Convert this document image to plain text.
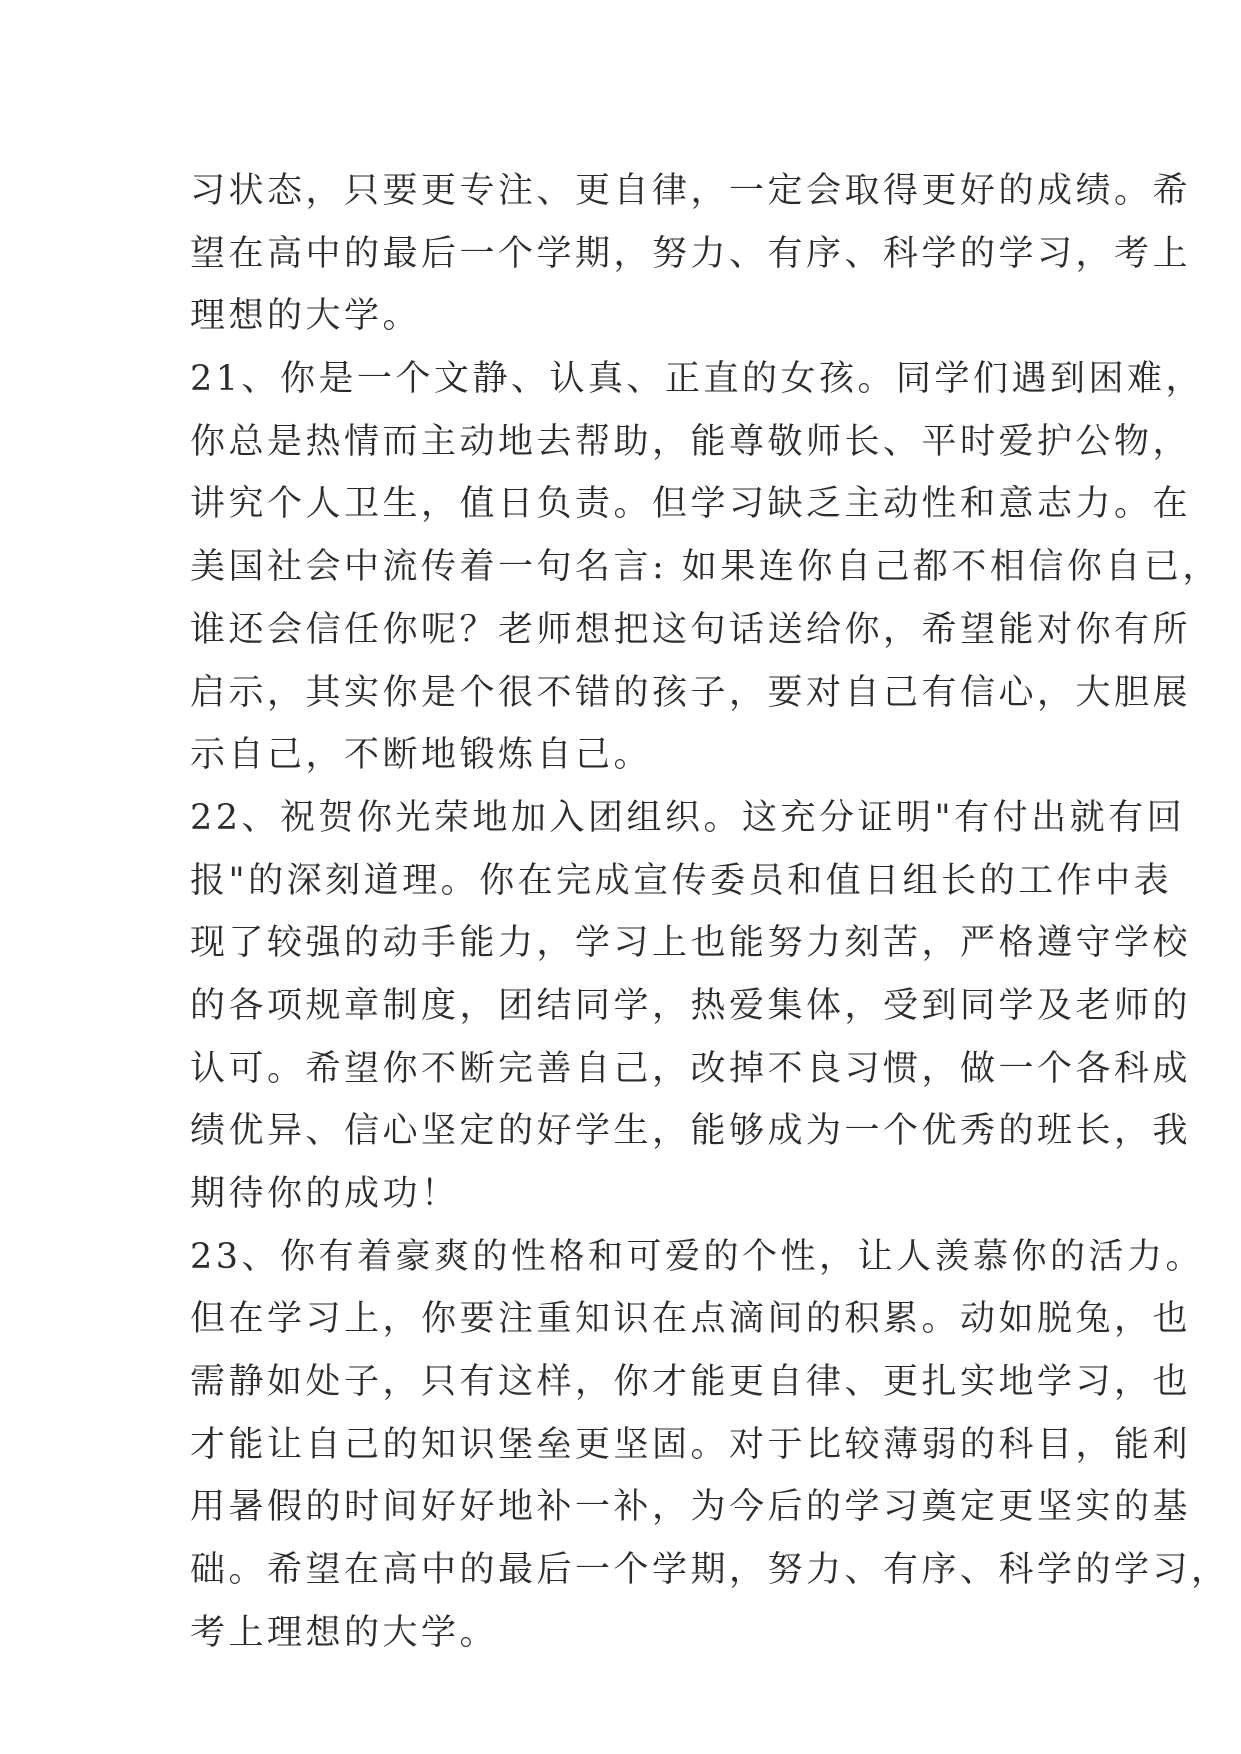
习状态，只要更专注、更自律，一定会取得更好的成绩。希
望在高中的最后一个学期，努力、有序、科学的学习，考上
理想的大学。
21、你是一个文静、认真、正直的女孩。同学们遇到困难，
你总是热情而主动地去帮助，能尊敬师长、平时爱护公物，
讲究个人卫生，值日负责。但学习缺乏主动性和意志力。在
美国社会中流传着一句名言: 如果连你自己都不相信你自已，
谁还会信任你呢？老师想把这句话送给你，希望能对你有所
启示，其实你是个很不错的孩子，要对自己有信心，大胆展
示自己，不断地锻炼自己。
22、祝贺你光荣地加入团组织。这充分证明"有付出就有回
报"的深刻道理。你在完成宣传委员和值日组长的工作中表
现了较强的动手能力，学习上也能努力刻苦，严格遵守学校
的各项规章制度，团结同学，热爱集体，受到同学及老师的
认可。希望你不断完善自己，改掉不良习惯，做一个各科成
绩优异、信心坚定的好学生，能够成为一个优秀的班长，我
期待你的成功！
23、你有着豪爽的性格和可爱的个性，让人羡慕你的活力。
但在学习上，你要注重知识在点滴间的积累。动如脱兔，也
需静如处子，只有这样，你才能更自律、更扎实地学习，也
才能让自己的知识堡垒更坚固。对于比较薄弱的科目，能利
用暑假的时间好好地补一补，为今后的学习奠定更坚实的基
础。希望在高中的最后一个学期，努力、有序、科学的学习，
考上理想的大学。
